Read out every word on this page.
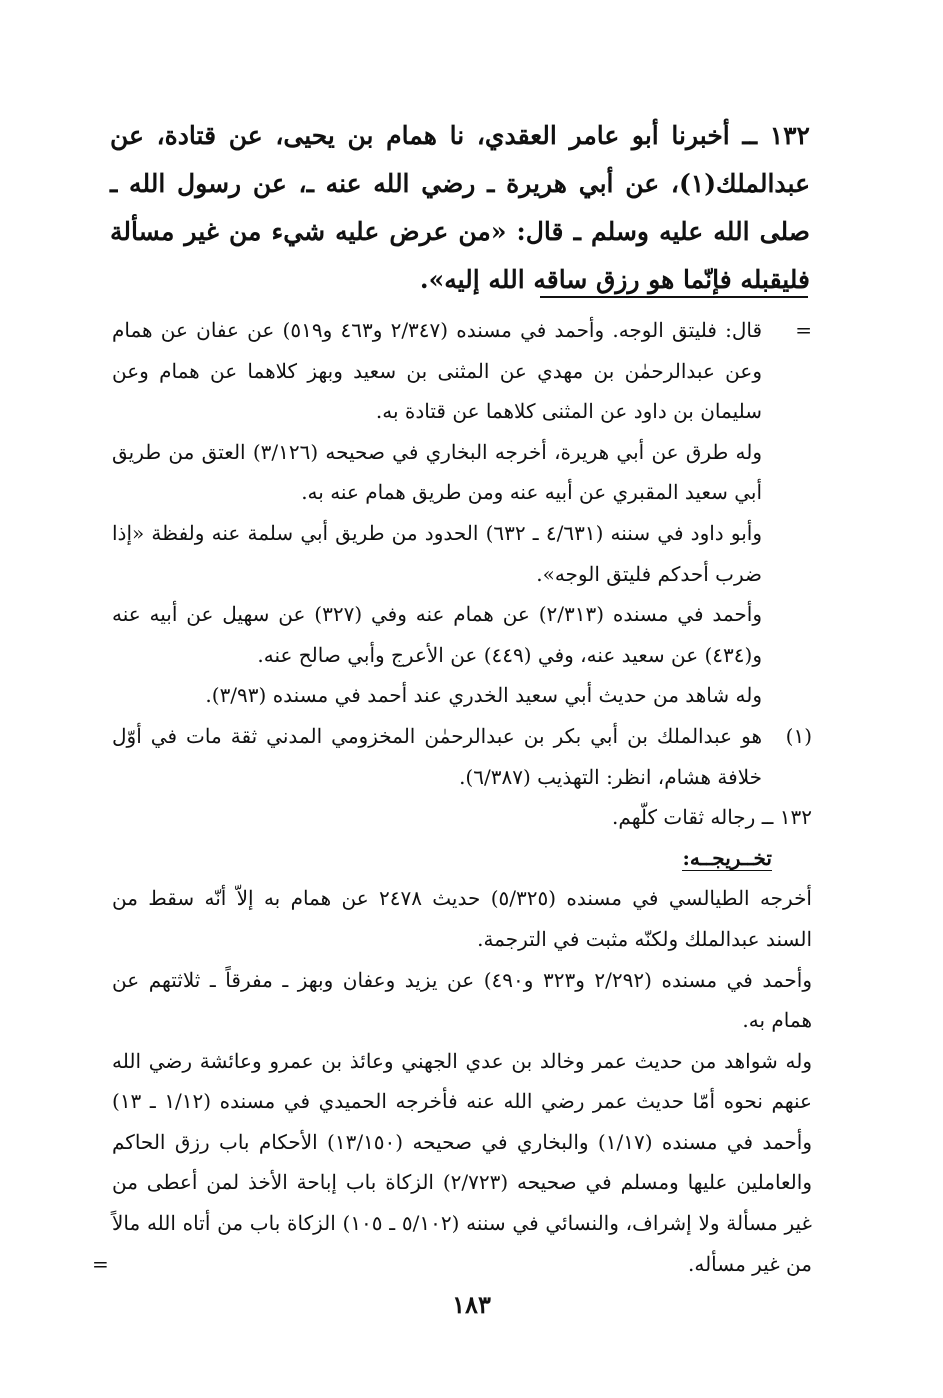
١٣٢ ــ أخبرنا أبو عامر العقدي، نا همام بن يحيى، عن قتادة، عن عبدالملك(١)، عن أبي هريرة ـ رضي الله عنه ـ، عن رسول الله ـ صلى الله عليه وسلم ـ قال: «من عرض عليه شيء من غير مسألة فليقبله فإنّما هو رزق ساقه الله إليه».

=

قال: فليتق الوجه. وأحمد في مسنده (٢/٣٤٧ و٤٦٣ و٥١٩) عن عفان عن همام وعن عبدالرحمٰن بن مهدي عن المثنى بن سعيد وبهز كلاهما عن همام وعن سليمان بن داود عن المثنى كلاهما عن قتادة به.

وله طرق عن أبي هريرة، أخرجه البخاري في صحيحه (٣/١٢٦) العتق من طريق أبي سعيد المقبري عن أبيه عنه ومن طريق همام عنه به.

وأبو داود في سننه (٤/٦٣١ ـ ٦٣٢) الحدود من طريق أبي سلمة عنه ولفظة «إذا ضرب أحدكم فليتق الوجه».

وأحمد في مسنده (٢/٣١٣) عن همام عنه وفي (٣٢٧) عن سهيل عن أبيه عنه و(٤٣٤) عن سعيد عنه، وفي (٤٤٩) عن الأعرج وأبي صالح عنه.

وله شاهد من حديث أبي سعيد الخدري عند أحمد في مسنده (٣/٩٣).

(١)

هو عبدالملك بن أبي بكر بن عبدالرحمٰن المخزومي المدني ثقة مات في أوّل خلافة هشام، انظر: التهذيب (٦/٣٨٧).

١٣٢ ــ رجاله ثقات كلّهم.

تخــريجــه:

أخرجه الطيالسي في مسنده (٥/٣٢٥) حديث ٢٤٧٨ عن همام به إلاّ أنّه سقط من السند عبدالملك ولكنّه مثبت في الترجمة.

وأحمد في مسنده (٢/٢٩٢ و٣٢٣ و٤٩٠) عن يزيد وعفان وبهز ـ مفرقاً ـ ثلاثتهم عن همام به.

وله شواهد من حديث عمر وخالد بن عدي الجهني وعائذ بن عمرو وعائشة رضي الله عنهم نحوه أمّا حديث عمر رضي الله عنه فأخرجه الحميدي في مسنده (١/١٢ ـ ١٣) وأحمد في مسنده (١/١٧) والبخاري في صحيحه (١٣/١٥٠) الأحكام باب رزق الحاكم والعاملين عليها ومسلم في صحيحه (٢/٧٢٣) الزكاة باب إباحة الأخذ لمن أعطى من غير مسألة ولا إشراف، والنسائي في سننه (٥/١٠٢ ـ ١٠٥) الزكاة باب من أتاه الله مالاً من غير مسأله.

=
١٨٣
